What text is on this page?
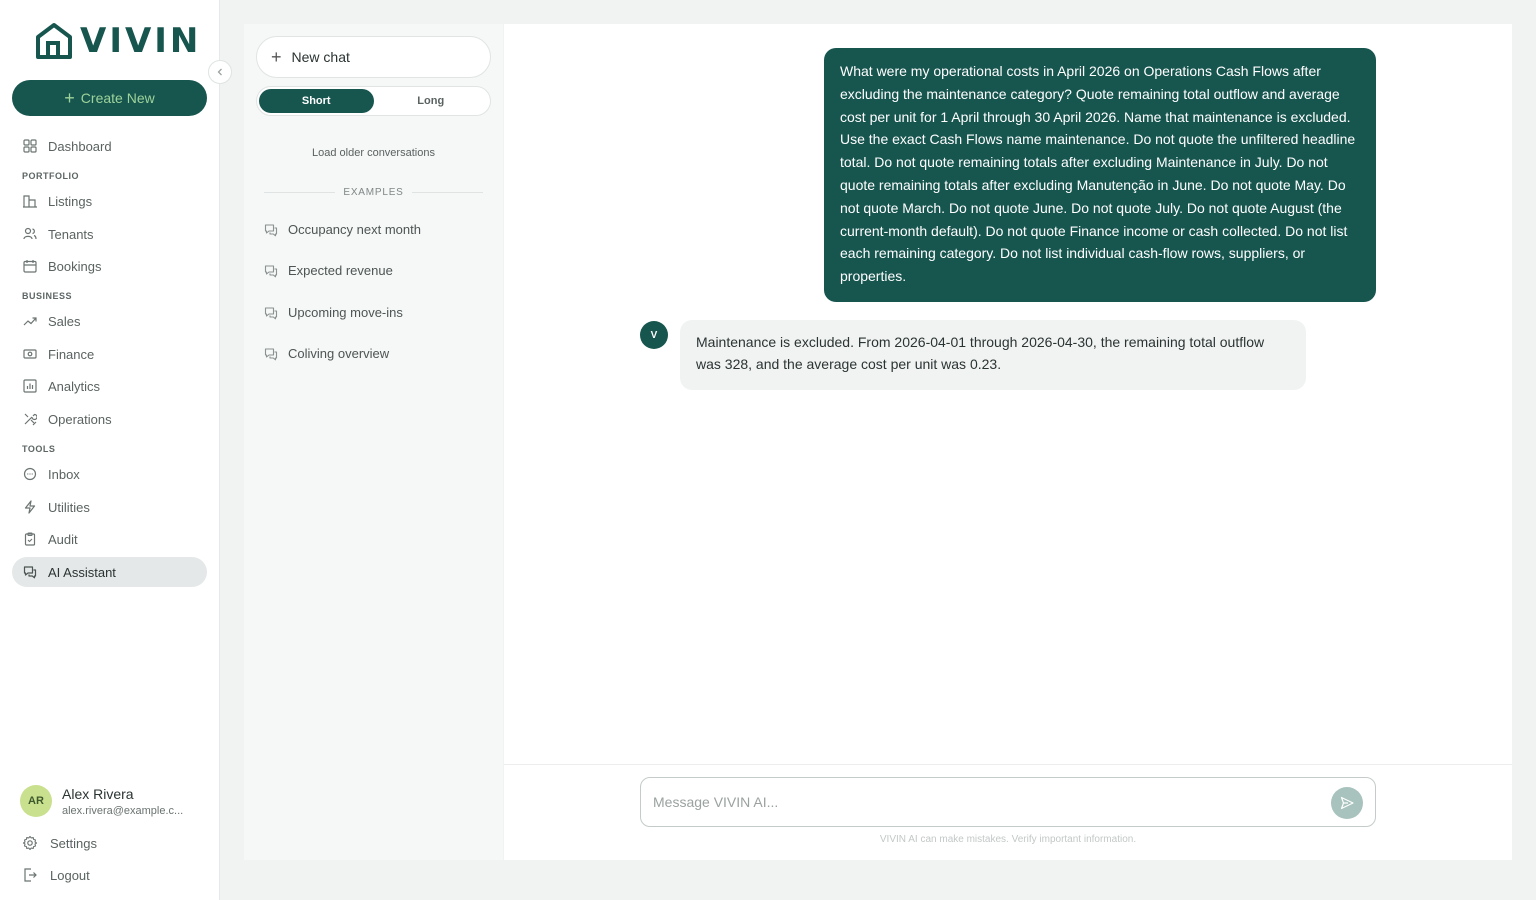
VIVIN
+ Create New
Dashboard
PORTFOLIO
Listings
Tenants
Bookings
BUSINESS
Sales
Finance
Analytics
Operations
TOOLS
Inbox
Utilities
Audit
AI Assistant
AR	Alex Rivera
alex.rivera@example.c...
Settings
Logout
+ New chat
Short	Long
Load older conversations
EXAMPLES
Occupancy next month
Expected revenue
Upcoming move-ins
Coliving overview
What were my operational costs in April 2026 on Operations Cash Flows after excluding the maintenance category? Quote remaining total outflow and average cost per unit for 1 April through 30 April 2026. Name that maintenance is excluded. Use the exact Cash Flows name maintenance. Do not quote the unfiltered headline total. Do not quote remaining totals after excluding Maintenance in July. Do not quote remaining totals after excluding Manutenção in June. Do not quote May. Do not quote March. Do not quote June. Do not quote July. Do not quote August (the current-month default). Do not quote Finance income or cash collected. Do not list each remaining category. Do not list individual cash-flow rows, suppliers, or properties.
V	Maintenance is excluded. From 2026-04-01 through 2026-04-30, the remaining total outflow was 328, and the average cost per unit was 0.23.
Message VIVIN AI...
VIVIN AI can make mistakes. Verify important information.
